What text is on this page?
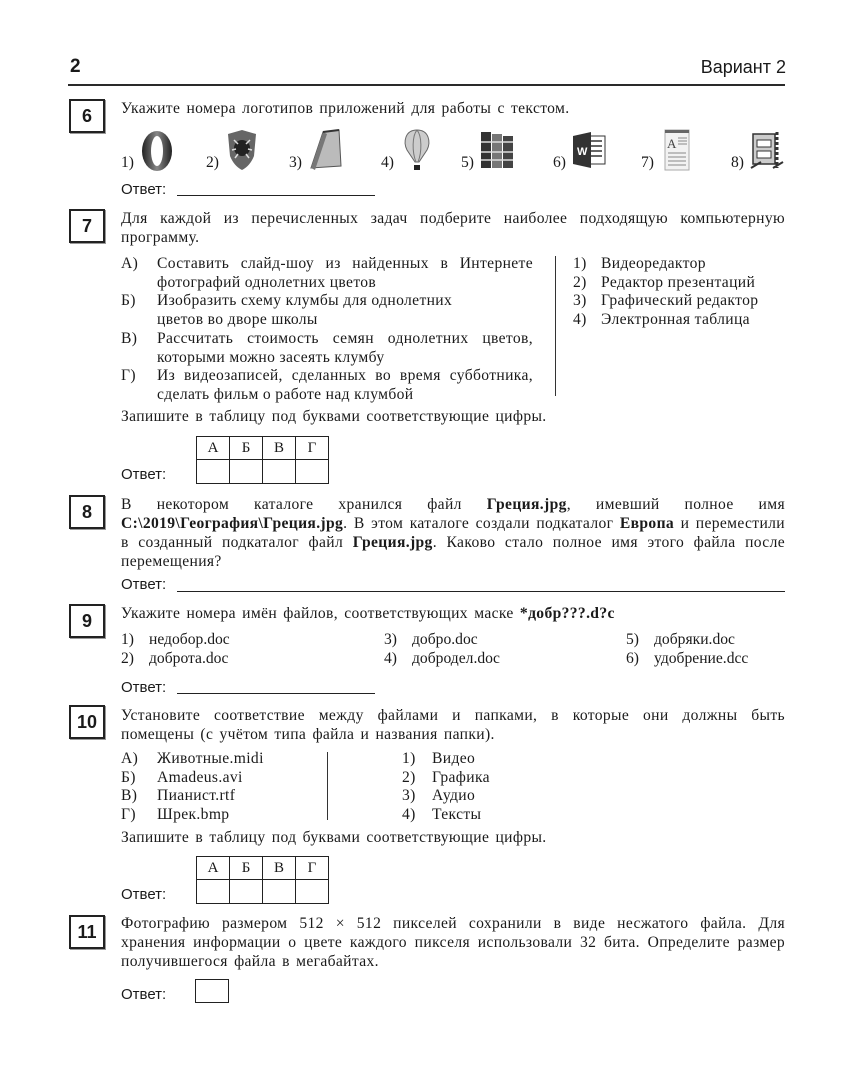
2	Вариант 2
6	Укажите номера логотипов приложений для работы с текстом.
1)	2)	3)	4)	5)	6)
W
7)
A
8)
Ответ:
7	Для каждой из перечисленных задач подберите наиболее подходящую компьютерную программу.
А)	Составить слайд-шоу из найденных в Интернете фотографий однолетних цветов
Б)	Изобразить схему клумбы для однолетних цветов во дворе школы
В)	Рассчитать стоимость семян однолетних цветов, которыми можно засеять клумбу
Г)	Из видеозаписей, сделанных во время субботника, сделать фильм о работе над клумбой
1) Видеоредактор
2) Редактор презентаций
3) Графический редактор
4) Электронная таблица
Запишите в таблицу под буквами соответствующие цифры.
Ответ:
А	Б	В	Г

8	В некотором каталоге хранился файл Греция.jpg, имевший полное имя C:\2019\География\Греция.jpg. В этом каталоге создали подкаталог Европа и переместили в созданный подкаталог файл Греция.jpg. Каково стало полное имя этого файла после перемещения?
Ответ:
9	Укажите номера имён файлов, соответствующих маске *добр???.d?c
1) недобор.doc
2) доброта.doc
3) добро.doc
4) добродел.doc
5) добряки.doc
6) удобрение.dcc
Ответ:
10	Установите соответствие между файлами и папками, в которые они должны быть помещены (с учётом типа файла и названия папки).
А)	Животные.midi
Б)	Amadeus.avi
В)	Пианист.rtf
Г)	Шрек.bmp
1)	Видео
2)	Графика
3)	Аудио
4)	Тексты
Запишите в таблицу под буквами соответствующие цифры.
Ответ:
А	Б	В	Г

11	Фотографию размером 512 × 512 пикселей сохранили в виде несжатого файла. Для хранения информации о цвете каждого пикселя использовали 32 бита. Определите размер получившегося файла в мегабайтах.
Ответ:
